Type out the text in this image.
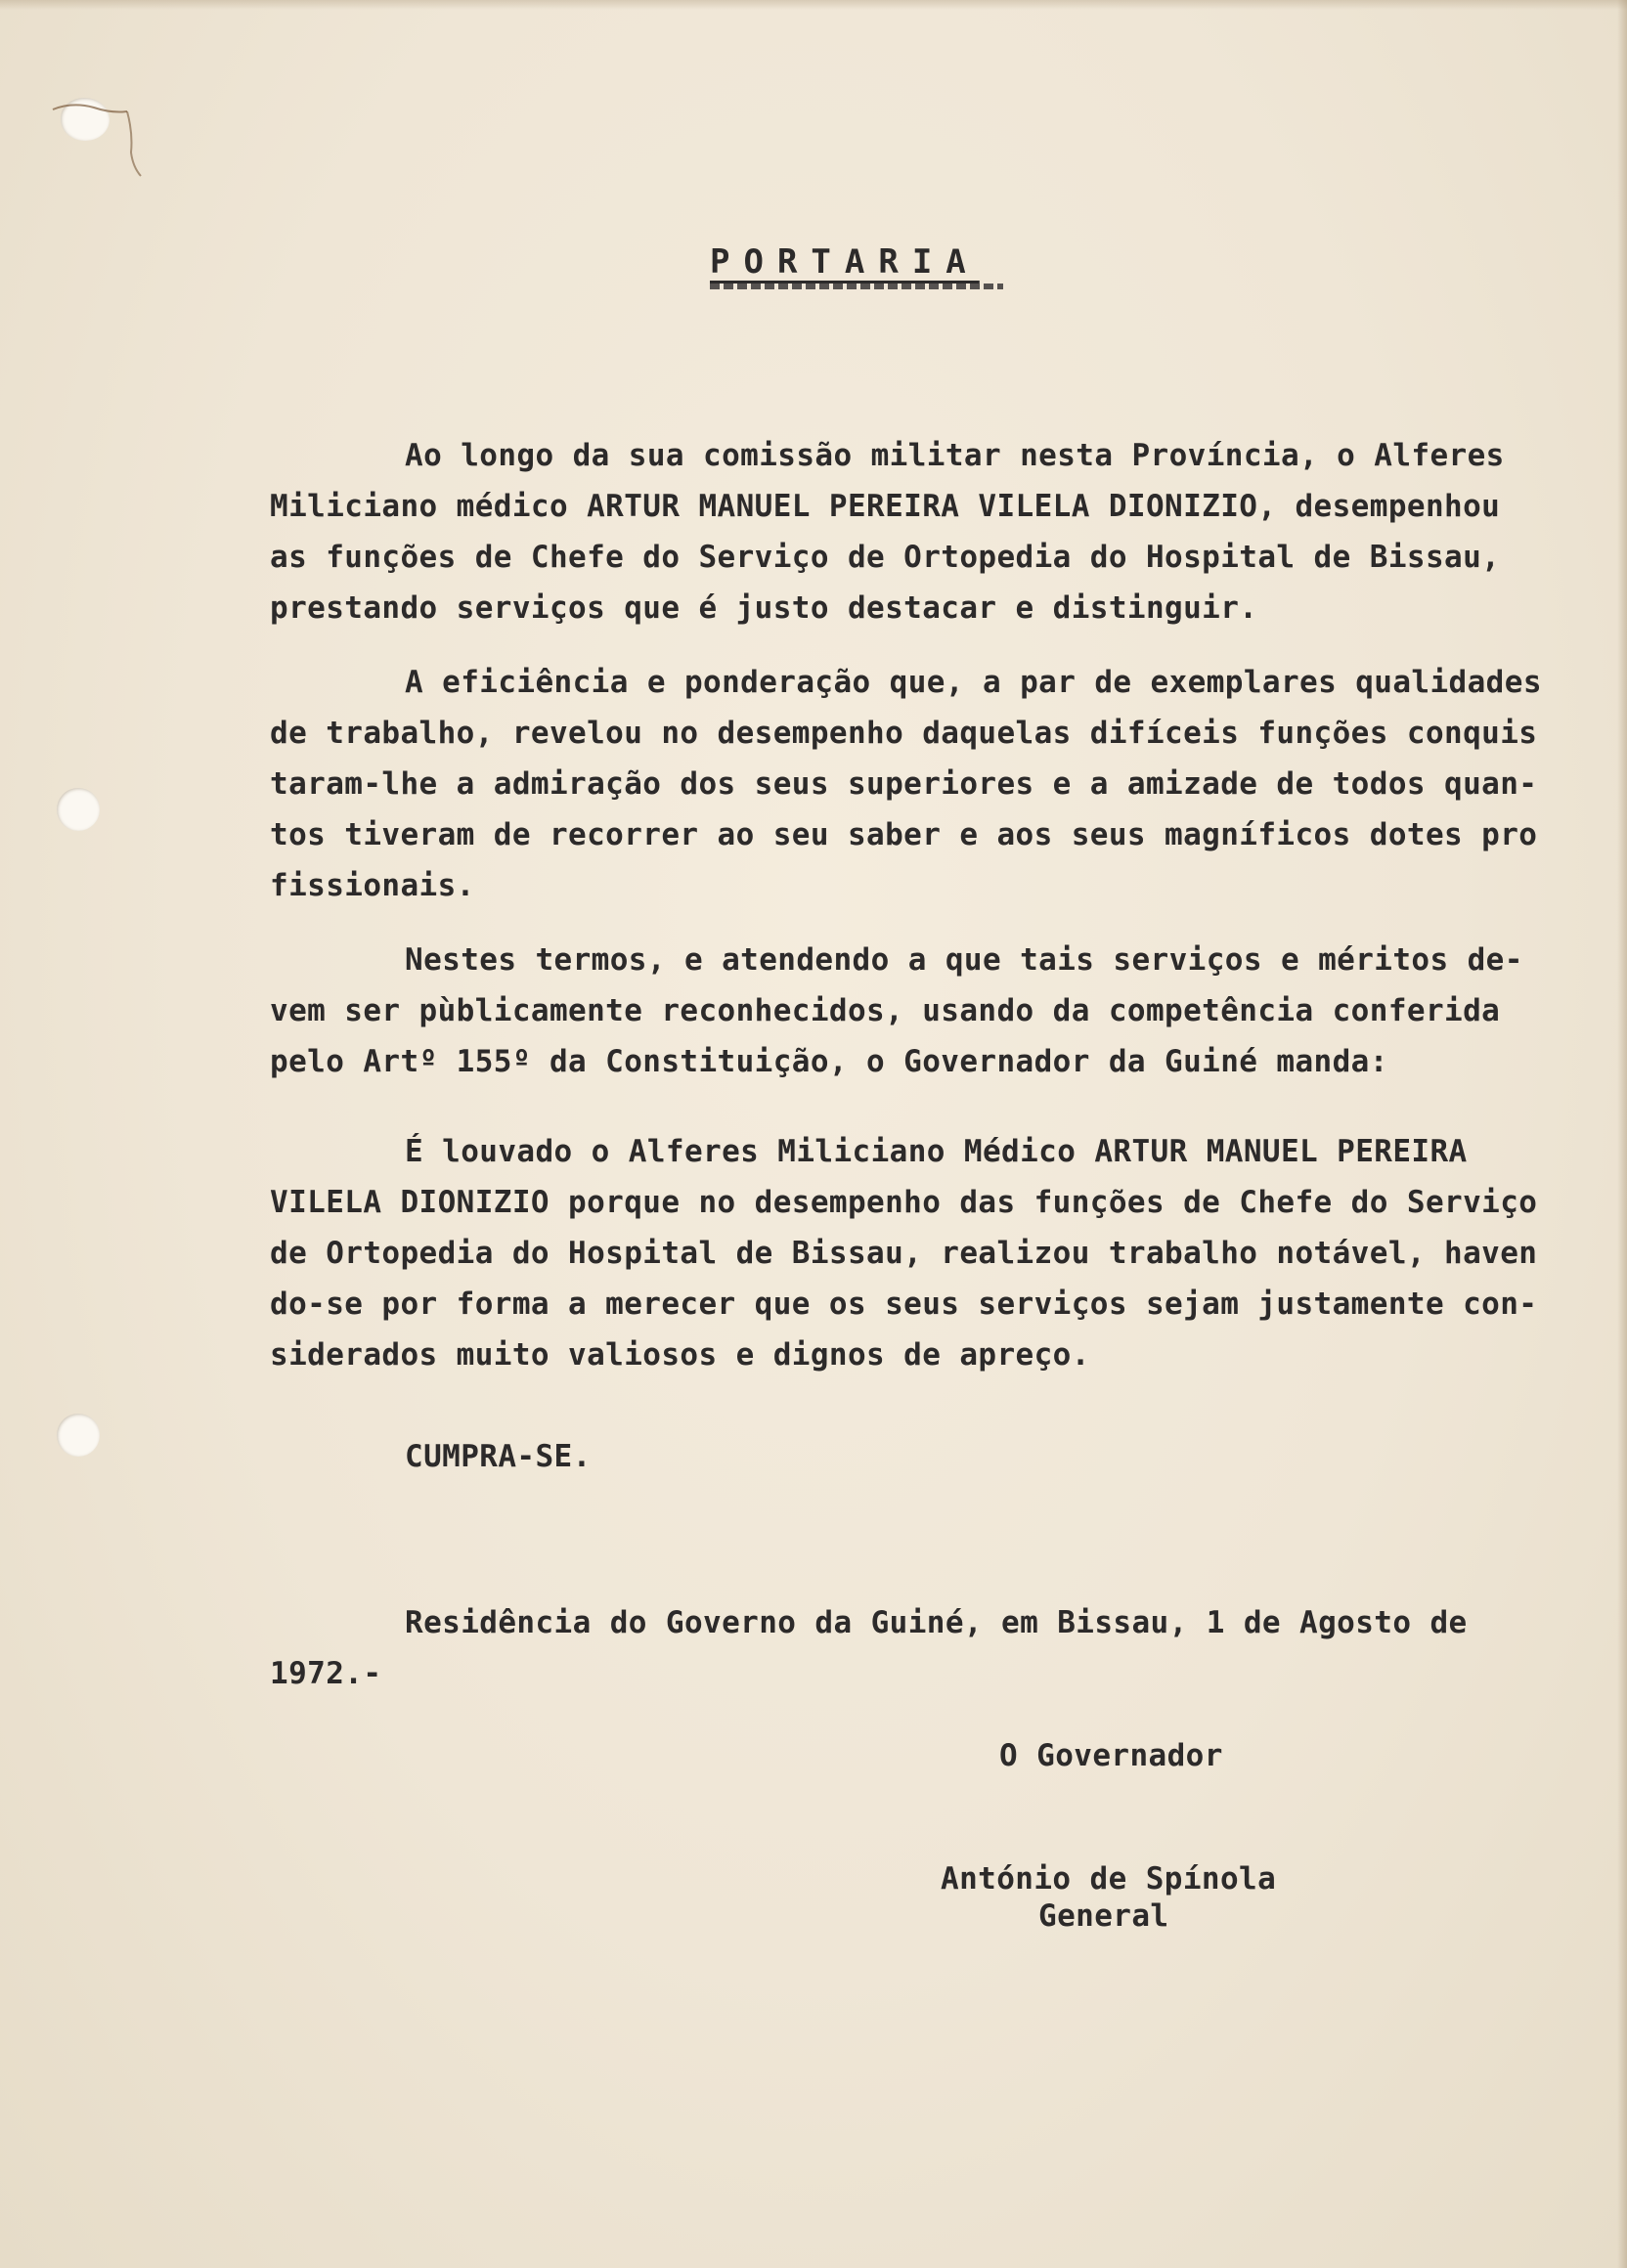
PORTARIA

Ao longo da sua comissão militar nesta Província, o Alferes
Miliciano médico ARTUR MANUEL PEREIRA VILELA DIONIZIO, desempenhou
as funções de Chefe do Serviço de Ortopedia do Hospital de Bissau,
prestando serviços que é justo destacar e distinguir.
A eficiência e ponderação que, a par de exemplares qualidades
de trabalho, revelou no desempenho daquelas difíceis funções conquis
taram-lhe a admiração dos seus superiores e a amizade de todos quan-
tos tiveram de recorrer ao seu saber e aos seus magníficos dotes pro
fissionais.
Nestes termos, e atendendo a que tais serviços e méritos de-
vem ser pùblicamente reconhecidos, usando da competência conferida
pelo Artº 155º da Constituição, o Governador da Guiné manda:
É louvado o Alferes Miliciano Médico ARTUR MANUEL PEREIRA
VILELA DIONIZIO porque no desempenho das funções de Chefe do Serviço
de Ortopedia do Hospital de Bissau, realizou trabalho notável, haven
do-se por forma a merecer que os seus serviços sejam justamente con-
siderados muito valiosos e dignos de apreço.

CUMPRA-SE.

Residência do Governo da Guiné, em Bissau, 1 de Agosto de
1972.-

O Governador

António de Spínola

General
